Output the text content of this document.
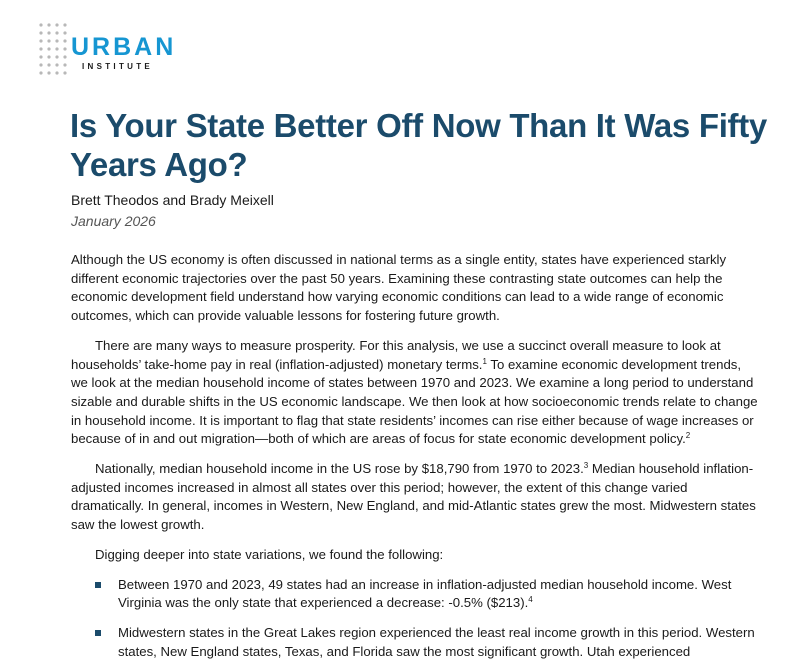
URBAN
INSTITUTE
Is Your State Better Off Now Than It Was Fifty Years Ago?
Brett Theodos and Brady Meixell
January 2026

Although the US economy is often discussed in national terms as a single entity, states have experienced starkly different economic trajectories over the past 50 years. Examining these contrasting state outcomes can help the economic development field understand how varying economic conditions can lead to a wide range of economic outcomes, which can provide valuable lessons for fostering future growth.

There are many ways to measure prosperity. For this analysis, we use a succinct overall measure to look at households’ take-home pay in real (inflation-adjusted) monetary terms.$^1$ To examine economic development trends, we look at the median household income of states between 1970 and 2023. We examine a long period to understand sizable and durable shifts in the US economic landscape. We then look at how socioeconomic trends relate to change in household income. It is important to flag that state residents’ incomes can rise either because of wage increases or because of in and out migration—both of which are areas of focus for state economic development policy.$^2$

Nationally, median household income in the US rose by $18,790 from 1970 to 2023.$^3$ Median household inflation-adjusted incomes increased in almost all states over this period; however, the extent of this change varied dramatically. In general, incomes in Western, New England, and mid-Atlantic states grew the most. Midwestern states saw the lowest growth.

Digging deeper into state variations, we found the following:

Between 1970 and 2023, 49 states had an increase in inflation-adjusted median household income. West Virginia was the only state that experienced a decrease: -0.5% ($213).$^4$
Midwestern states in the Great Lakes region experienced the least real income growth in this period. Western states, New England states, Texas, and Florida saw the most significant growth. Utah experienced
